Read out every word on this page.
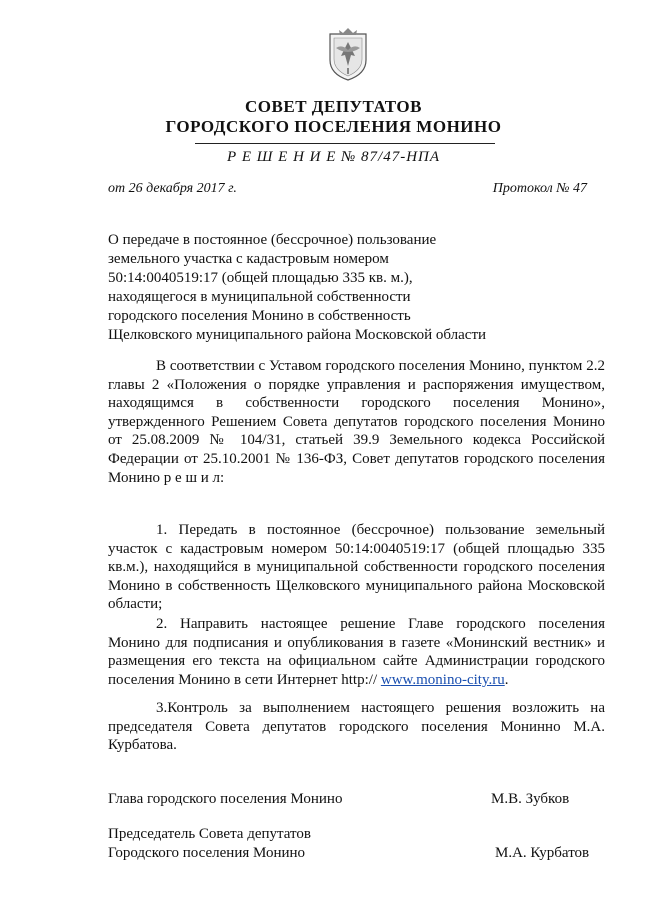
СОВЕТ ДЕПУТАТОВ
ГОРОДСКОГО ПОСЕЛЕНИЯ МОНИНО
Р Е Ш Е Н И Е № 87/47-НПА
от 26 декабря 2017 г.	Протокол № 47
О передаче в постоянное (бессрочное) пользование
земельного участка с кадастровым номером
50:14:0040519:17 (общей площадью 335 кв. м.),
находящегося в муниципальной собственности
городского поселения Монино в собственность
Щелковского муниципального района Московской области

В соответствии с Уставом городского поселения Монино, пунктом 2.2 главы 2 «Положения о порядке управления и распоряжения имуществом, находящимся в собственности городского поселения Монино», утвержденного Решением Совета депутатов городского поселения Монино от 25.08.2009 № 104/31, статьей 39.9 Земельного кодекса Российской Федерации от 25.10.2001 № 136-ФЗ, Совет депутатов городского поселения Монино р е ш и л:

1. Передать в постоянное (бессрочное) пользование земельный участок с кадастровым номером 50:14:0040519:17 (общей площадью 335 кв.м.), находящийся в муниципальной собственности городского поселения Монино в собственность Щелковского муниципального района Московской области;

2. Направить настоящее решение Главе городского поселения Монино для подписания и опубликования в газете «Монинский вестник» и размещения его текста на официальном сайте Администрации городского поселения Монино в сети Интернет http:// www.monino-city.ru.

3.Контроль за выполнением настоящего решения возложить на председателя Совета депутатов городского поселения Монинно М.А. Курбатова.

Глава городского поселения Монино	М.В. Зубков
Председатель Совета депутатов
Городского поселения Монино	М.А. Курбатов
